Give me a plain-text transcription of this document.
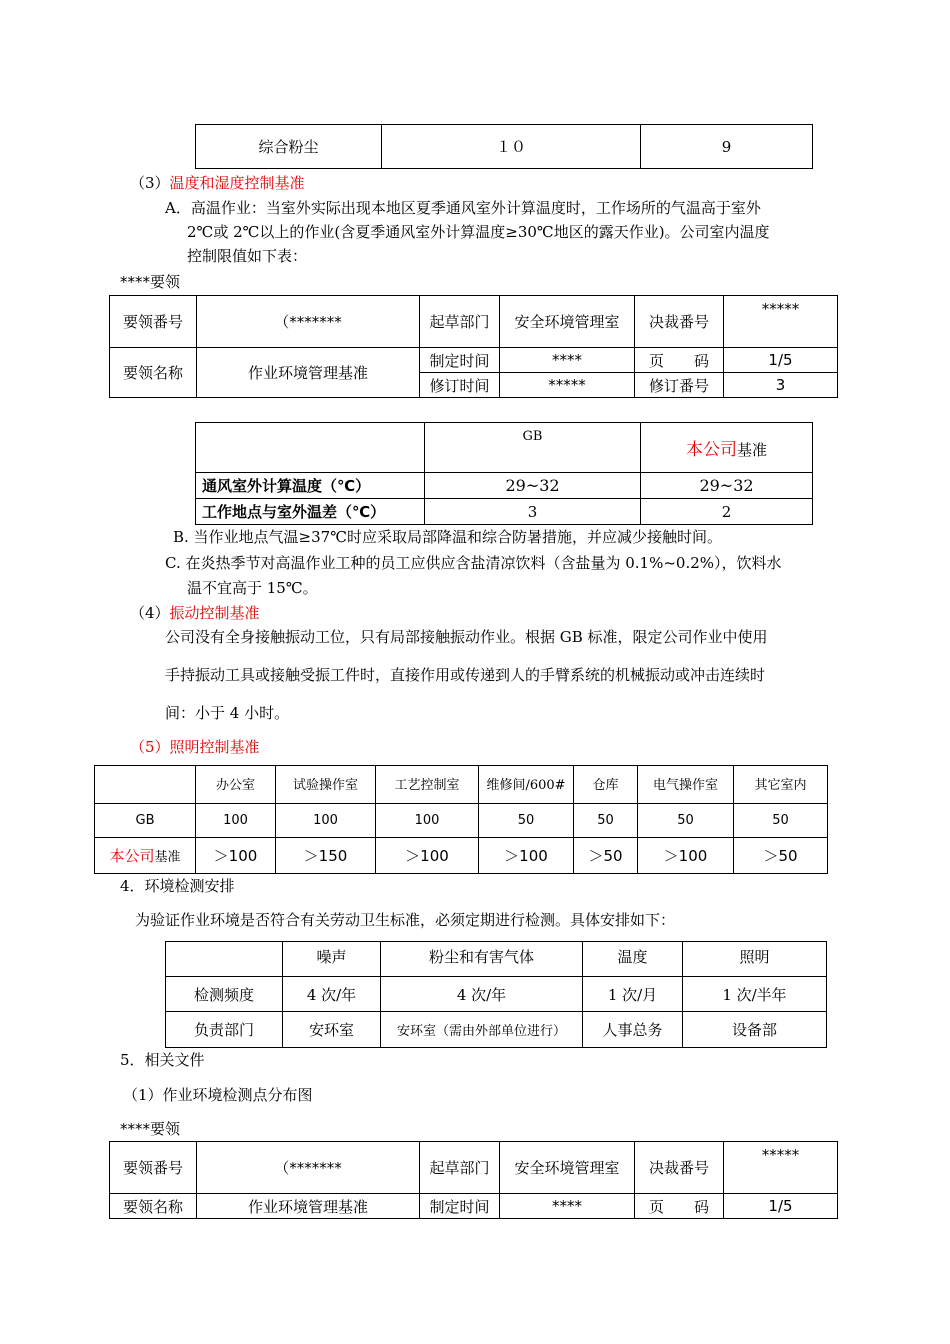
综合粉尘	１０	9
（3）温度和湿度控制基准
A．高温作业：当室外实际出现本地区夏季通风室外计算温度时，工作场所的气温高于室外
2℃或 2℃以上的作业(含夏季通风室外计算温度≥30℃地区的露天作业)。公司室内温度
控制限值如下表：
****要领
要领番号	（*******	起草部门	安全环境管理室	决裁番号	*****
要领名称	作业环境管理基准	制定时间	****	页　　码	1/5
		修订时间	*****	修订番号	3
	GB	本公司基准
通风室外计算温度（℃）	29~32	29~32
工作地点与室外温差（℃）	3	2
B. 当作业地点气温≥37℃时应采取局部降温和综合防暑措施，并应减少接触时间。
C. 在炎热季节对高温作业工种的员工应供应含盐清凉饮料（含盐量为 0.1%~0.2%），饮料水
温不宜高于 15℃。
（4）振动控制基准
公司没有全身接触振动工位，只有局部接触振动作业。根据 GB 标准，限定公司作业中使用
手持振动工具或接触受振工件时，直接作用或传递到人的手臂系统的机械振动或冲击连续时
间：小于 4 小时。
（5）照明控制基准
	办公室	试验操作室	工艺控制室	维修间/600#	仓库	电气操作室	其它室内
GB	100	100	100	50	50	50	50
本公司基准	＞100	＞150	＞100	＞100	＞50	＞100	＞50
4．环境检测安排
为验证作业环境是否符合有关劳动卫生标准，必须定期进行检测。具体安排如下：
	噪声	粉尘和有害气体	温度	照明
检测频度	4 次/年	4 次/年	1 次/月	1 次/半年
负责部门	安环室	安环室（需由外部单位进行）	人事总务	设备部
5．相关文件
（1）作业环境检测点分布图
****要领
要领番号	（*******	起草部门	安全环境管理室	决裁番号	*****
要领名称	作业环境管理基准	制定时间	****	页　　码	1/5
